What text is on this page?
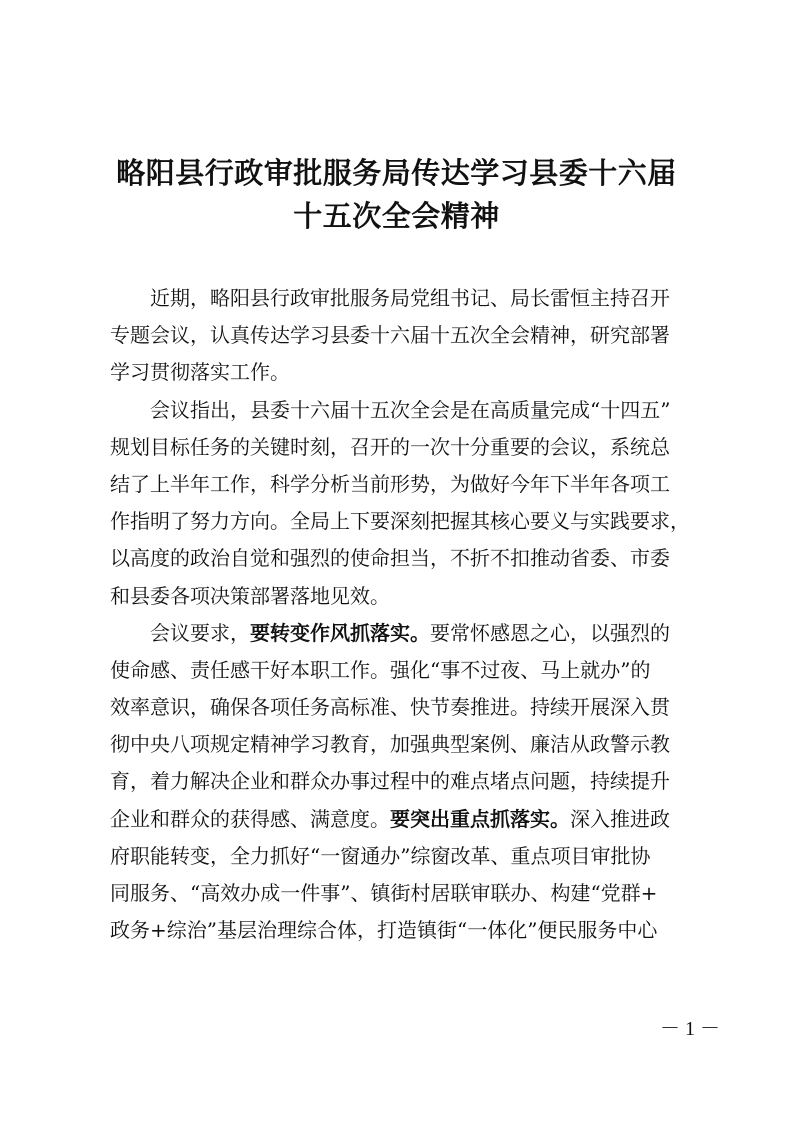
略阳县行政审批服务局传达学习县委十六届
十五次全会精神
近期，略阳县行政审批服务局党组书记、局长雷恒主持召开
专题会议，认真传达学习县委十六届十五次全会精神，研究部署
学习贯彻落实工作。
会议指出，县委十六届十五次全会是在高质量完成“十四五”
规划目标任务的关键时刻，召开的一次十分重要的会议，系统总
结了上半年工作，科学分析当前形势，为做好今年下半年各项工
作指明了努力方向。全局上下要深刻把握其核心要义与实践要求，
以高度的政治自觉和强烈的使命担当，不折不扣推动省委、市委
和县委各项决策部署落地见效。
会议要求，要转变作风抓落实。要常怀感恩之心，以强烈的
使命感、责任感干好本职工作。强化“事不过夜、马上就办”的
效率意识，确保各项任务高标准、快节奏推进。持续开展深入贯
彻中央八项规定精神学习教育，加强典型案例、廉洁从政警示教
育，着力解决企业和群众办事过程中的难点堵点问题，持续提升
企业和群众的获得感、满意度。要突出重点抓落实。深入推进政
府职能转变，全力抓好“一窗通办”综窗改革、重点项目审批协
同服务、“高效办成一件事”、镇街村居联审联办、构建“党群+
政务+综治”基层治理综合体，打造镇街“一体化”便民服务中心
－ 1 －
